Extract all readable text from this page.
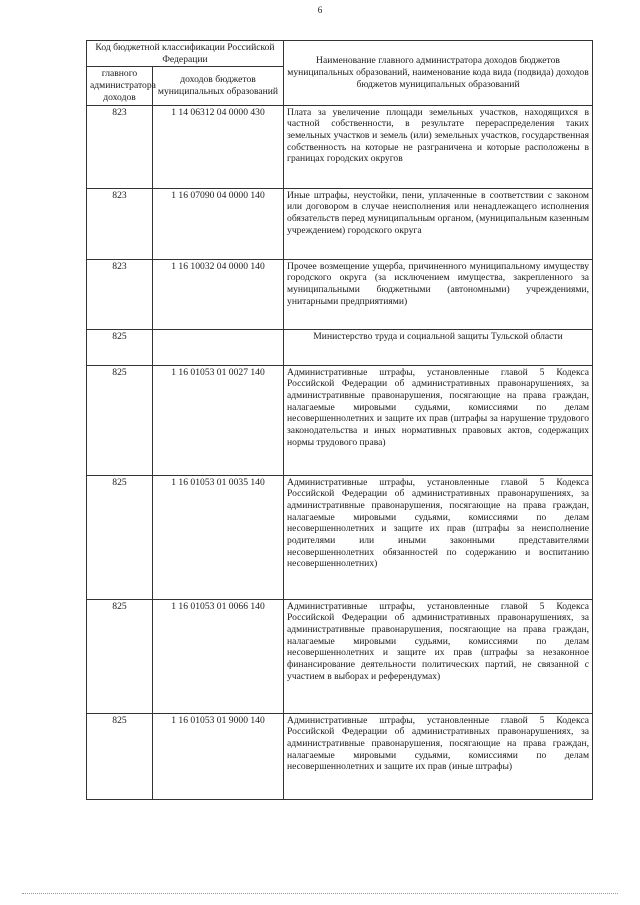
6
Код бюджетной классификации Российской Федерации		Наименование главного администратора доходов бюджетов муниципальных образований, наименование кода вида (подвида) доходов бюджетов муниципальных образований
главного администратора доходов	доходов бюджетов муниципальных образований	
823	1 14 06312 04 0000 430	Плата за увеличение площади земельных участков, находящихся в частной собственности, в результате перераспределения таких земельных участков и земель (или) земельных участков, государственная собственность на которые не разграничена и которые расположены в границах городских округов
823	1 16 07090 04 0000 140	Иные штрафы, неустойки, пени, уплаченные в соответствии с законом или договором в случае неисполнения или ненадлежащего исполнения обязательств перед муниципальным органом, (муниципальным казенным учреждением) городского округа
823	1 16 10032 04 0000 140	Прочее возмещение ущерба, причиненного муниципальному имуществу городского округа (за исключением имущества, закрепленного за муниципальными бюджетными (автономными) учреждениями, унитарными предприятиями)
825		Министерство труда и социальной защиты Тульской области
825	1 16 01053 01 0027 140	Административные штрафы, установленные главой 5 Кодекса Российской Федерации об административных правонарушениях, за административные правонарушения, посягающие на права граждан, налагаемые мировыми судьями, комиссиями по делам несовершеннолетних и защите их прав (штрафы за нарушение трудового законодательства и иных нормативных правовых актов, содержащих нормы трудового права)
825	1 16 01053 01 0035 140	Административные штрафы, установленные главой 5 Кодекса Российской Федерации об административных правонарушениях, за административные правонарушения, посягающие на права граждан, налагаемые мировыми судьями, комиссиями по делам несовершеннолетних и защите их прав (штрафы за неисполнение родителями или иными законными представителями несовершеннолетних обязанностей по содержанию и воспитанию несовершеннолетних)
825	1 16 01053 01 0066 140	Административные штрафы, установленные главой 5 Кодекса Российской Федерации об административных правонарушениях, за административные правонарушения, посягающие на права граждан, налагаемые мировыми судьями, комиссиями по делам несовершеннолетних и защите их прав (штрафы за незаконное финансирование деятельности политических партий, не связанной с участием в выборах и референдумах)
825	1 16 01053 01 9000 140	Административные штрафы, установленные главой 5 Кодекса Российской Федерации об административных правонарушениях, за административные правонарушения, посягающие на права граждан, налагаемые мировыми судьями, комиссиями по делам несовершеннолетних и защите их прав (иные штрафы)
